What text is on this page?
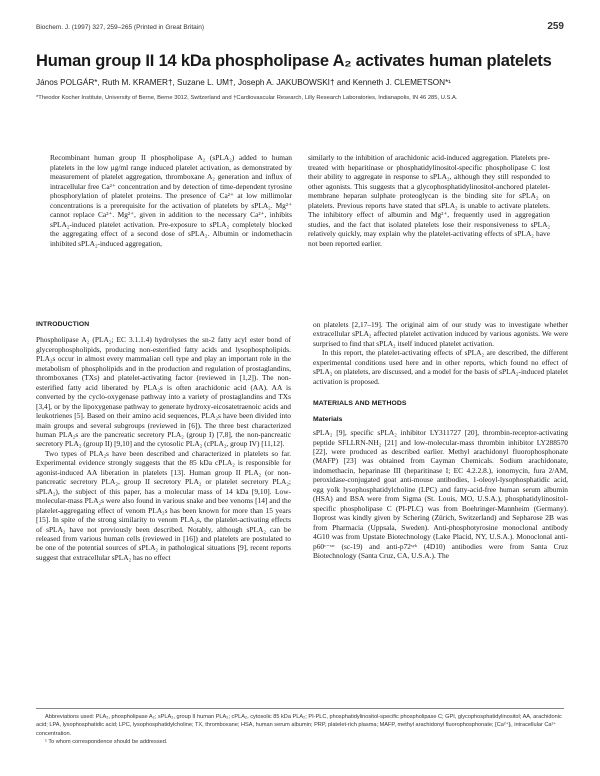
Biochem. J. (1997) 327, 259–265 (Printed in Great Britain)	259
Human group II 14 kDa phospholipase A₂ activates human platelets
János POLGÁR*, Ruth M. KRAMER†, Suzane L. UM†, Joseph A. JAKUBOWSKI† and Kenneth J. CLEMETSON*¹
*Theodor Kocher Institute, University of Berne, Berne 3012, Switzerland and †Cardiovascular Research, Lilly Research Laboratories, Indianapolis, IN 46 285, U.S.A.
Recombinant human group II phospholipase A₂ (sPLA₂) added to human platelets in the low μg/ml range induced platelet activation, as demonstrated by measurement of platelet aggregation, thromboxane A₂ generation and influx of intracellular free Ca²⁺ concentration and by detection of time-dependent tyrosine phosphorylation of platelet proteins. The presence of Ca²⁺ at low millimolar concentrations is a prerequisite for the activation of platelets by sPLA₂. Mg²⁺ cannot replace Ca²⁺. Mg²⁺, given in addition to the necessary Ca²⁺, inhibits sPLA₂-induced platelet activation. Pre-exposure to sPLA₂ completely blocked the aggregating effect of a second dose of sPLA₂. Albumin or indomethacin inhibited sPLA₂-induced aggregation,
similarly to the inhibition of arachidonic acid-induced aggregation. Platelets pre-treated with heparitinase or phosphatidylinositol-specific phospholipase C lost their ability to aggregate in response to sPLA₂, although they still responded to other agonists. This suggests that a glycophosphatidylinositol-anchored platelet-membrane heparan sulphate proteoglycan is the binding site for sPLA₂ on platelets. Previous reports have stated that sPLA₂ is unable to activate platelets. The inhibitory effect of albumin and Mg²⁺, frequently used in aggregation studies, and the fact that isolated platelets lose their responsiveness to sPLA₂ relatively quickly, may explain why the platelet-activating effects of sPLA₂ have not been reported earlier.
INTRODUCTION

Phospholipase A₂ (PLA₂; EC 3.1.1.4) hydrolyses the sn-2 fatty acyl ester bond of glycerophospholipids, producing non-esterified fatty acids and lysophospholipids. PLA₂s occur in almost every mammalian cell type and play an important role in the metabolism of phospholipids and in the production and regulation of prostaglandins, thromboxanes (TXs) and platelet-activating factor (reviewed in [1,2]). The non-esterified fatty acid liberated by PLA₂s is often arachidonic acid (AA). AA is converted by the cyclo-oxygenase pathway into a variety of prostaglandins and TXs [3,4], or by the lipoxygenase pathway to generate hydroxy-eicosatetraenoic acids and leukotrienes [5]. Based on their amino acid sequences, PLA₂s have been divided into main groups and several subgroups (reviewed in [6]). The three best characterized human PLA₂s are the pancreatic secretory PLA₂ (group I) [7,8], the non-pancreatic secretory PLA₂ (group II) [9,10] and the cytosolic PLA₂ (cPLA₂, group IV) [11,12].

Two types of PLA₂s have been described and characterized in platelets so far. Experimental evidence strongly suggests that the 85 kDa cPLA₂ is responsible for agonist-induced AA liberation in platelets [13]. Human group II PLA₂ (or non-pancreatic secretory PLA₂, group II secretory PLA₂ or platelet secretory PLA₂; sPLA₂), the subject of this paper, has a molecular mass of 14 kDa [9,10]. Low-molecular-mass PLA₂s were also found in various snake and bee venoms [14] and the platelet-aggregating effect of venom PLA₂s has been known for more than 15 years [15]. In spite of the strong similarity to venom PLA₂s, the platelet-activating effects of sPLA₂ have not previously been described. Notably, although sPLA₂ can be released from various human cells (reviewed in [16]) and platelets are postulated to be one of the potential sources of sPLA₂ in pathological situations [9], recent reports suggest that extracellular sPLA₂ has no effect

on platelets [2,17–19]. The original aim of our study was to investigate whether extracellular sPLA₂ affected platelet activation induced by various agonists. We were surprised to find that sPLA₂ itself induced platelet activation.

In this report, the platelet-activating effects of sPLA₂ are described, the different experimental conditions used here and in other reports, which found no effect of sPLA₂ on platelets, are discussed, and a model for the basis of sPLA₂-induced platelet activation is proposed.

MATERIALS AND METHODS
Materials

sPLA₂ [9], specific sPLA₂ inhibitor LY311727 [20], thrombin-receptor-activating peptide SFLLRN-NH₂ [21] and low-molecular-mass thrombin inhibitor LY288570 [22], were produced as described earlier. Methyl arachidonyl fluorophosphonate (MAFP) [23] was obtained from Cayman Chemicals. Sodium arachidonate, indomethacin, heparinase III (heparitinase I; EC 4.2.2.8.), ionomycin, fura 2/AM, peroxidase-conjugated goat anti-mouse antibodies, 1-oleoyl-lysophosphatidic acid, egg yolk lysophosphatidylcholine (LPC) and fatty-acid-free human serum albumin (HSA) and BSA were from Sigma (St. Louis, MO, U.S.A.), phosphatidylinositol-specific phospholipase C (PI-PLC) was from Boehringer-Mannheim (Germany). Iloprost was kindly given by Schering (Zürich, Switzerland) and Sepharose 2B was from Pharmacia (Uppsala, Sweden). Anti-phosphotyrosine monoclonal antibody 4G10 was from Upstate Biotechnology (Lake Placid, NY, U.S.A.). Monoclonal anti-p60ᶜ⁻ˢʳᶜ (sc-19) and anti-p72ˢʸᵏ (4D10) antibodies were from Santa Cruz Biotechnology (Santa Cruz, CA, U.S.A.). The

Abbreviations used: PLA₂, phospholipase A₂; sPLA₂, group II human PLA₂; cPLA₂, cytosolic 85 kDa PLA₂; PI-PLC, phosphatidylinositol-specific phospholipase C; GPI, glycophosphatidylinositol; AA, arachidonic acid; LPA, lysophosphatidic acid; LPC, lysophosphatidylcholine; TX, thromboxane; HSA, human serum albumin; PRP, platelet-rich plasma; MAFP, methyl arachidonyl fluorophosphonate; [Ca²⁺]ᵢ, intracellular Ca²⁺ concentration.

¹ To whom correspondence should be addressed.
